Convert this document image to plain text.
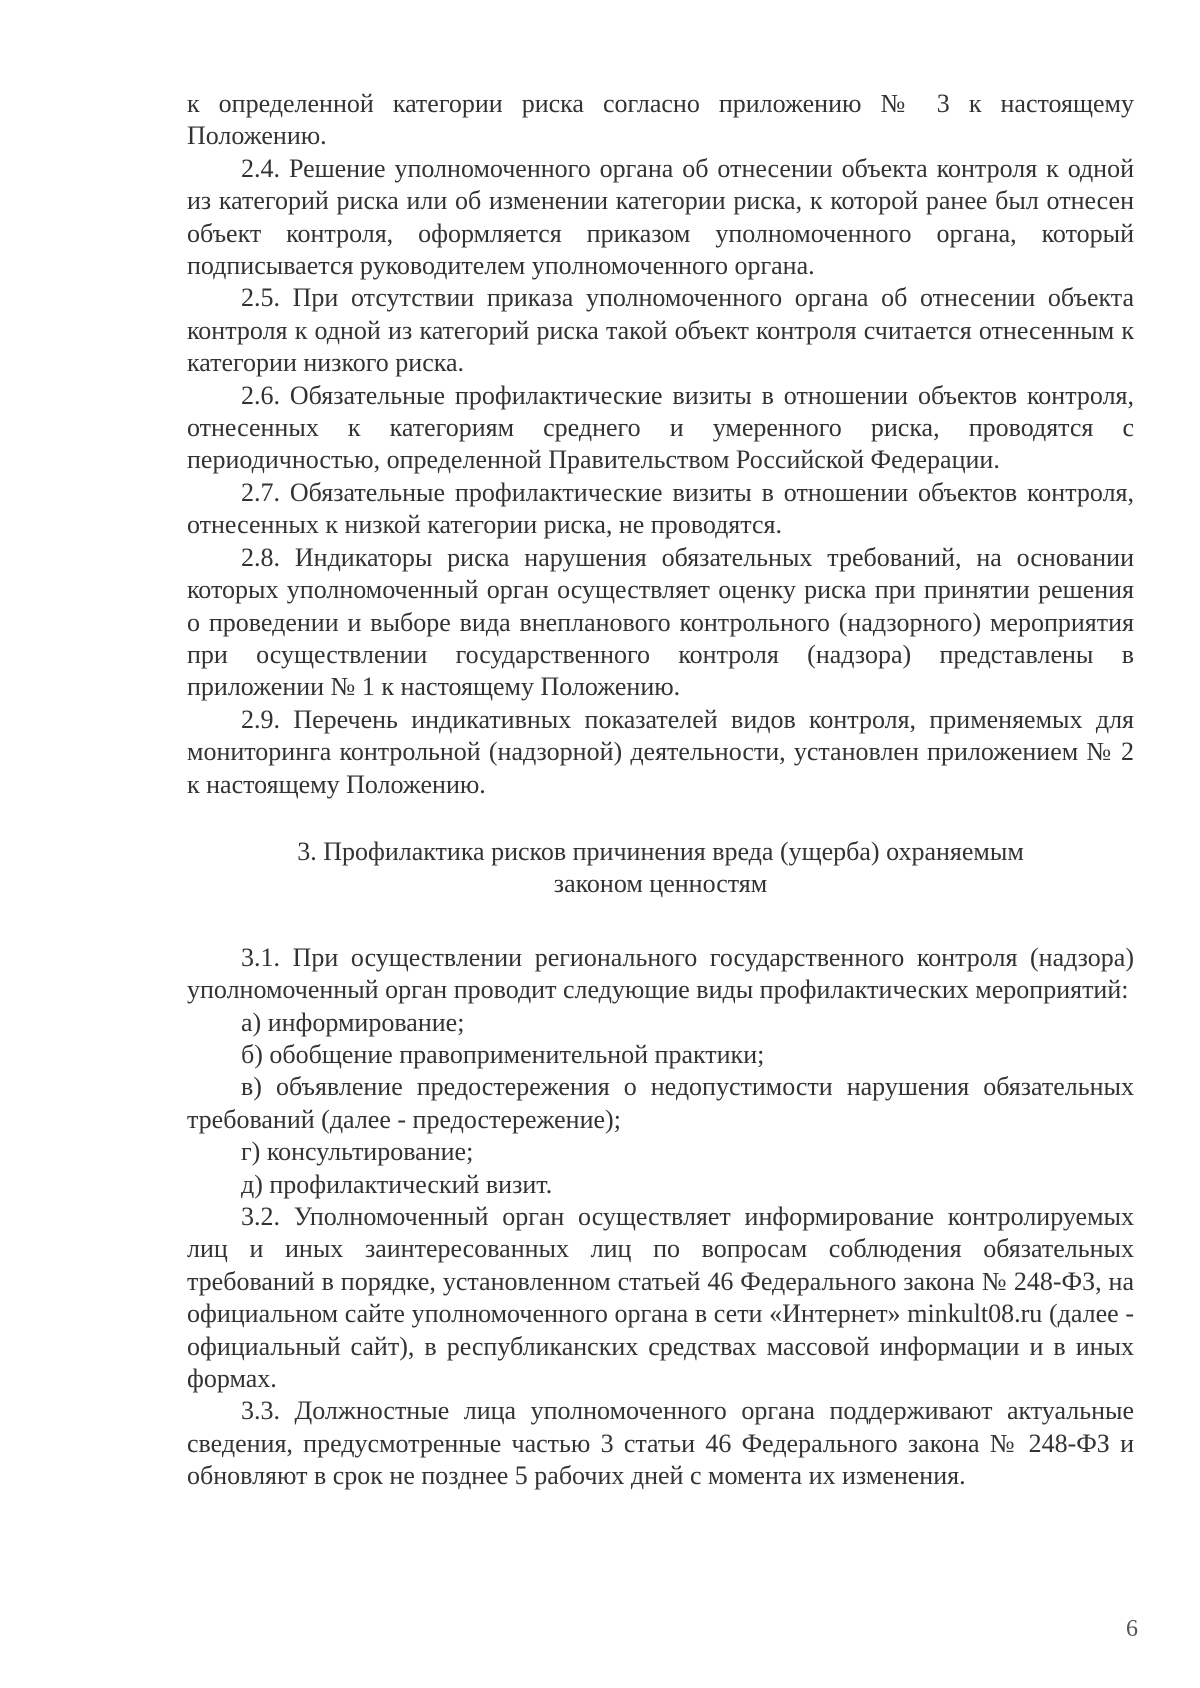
к определенной категории риска согласно приложению № 3 к настоящему Положению.

2.4. Решение уполномоченного органа об отнесении объекта контроля к одной из категорий риска или об изменении категории риска, к которой ранее был отнесен объект контроля, оформляется приказом уполномоченного органа, который подписывается руководителем уполномоченного органа.

2.5. При отсутствии приказа уполномоченного органа об отнесении объекта контроля к одной из категорий риска такой объект контроля считается отнесенным к категории низкого риска.

2.6. Обязательные профилактические визиты в отношении объектов контроля, отнесенных к категориям среднего и умеренного риска, проводятся с периодичностью, определенной Правительством Российской Федерации.

2.7. Обязательные профилактические визиты в отношении объектов контроля, отнесенных к низкой категории риска, не проводятся.

2.8. Индикаторы риска нарушения обязательных требований, на основании которых уполномоченный орган осуществляет оценку риска при принятии решения о проведении и выборе вида внепланового контрольного (надзорного) мероприятия при осуществлении государственного контроля (надзора) представлены в приложении № 1 к настоящему Положению.

2.9. Перечень индикативных показателей видов контроля, применяемых для мониторинга контрольной (надзорной) деятельности, установлен приложением № 2 к настоящему Положению.

3. Профилактика рисков причинения вреда (ущерба) охраняемым
законом ценностям

3.1. При осуществлении регионального государственного контроля (надзора) уполномоченный орган проводит следующие виды профилактических мероприятий:

а) информирование;

б) обобщение правоприменительной практики;

в) объявление предостережения о недопустимости нарушения обязательных требований (далее - предостережение);

г) консультирование;

д) профилактический визит.

3.2. Уполномоченный орган осуществляет информирование контролируемых лиц и иных заинтересованных лиц по вопросам соблюдения обязательных требований в порядке, установленном статьей 46 Федерального закона № 248-ФЗ, на официальном сайте уполномоченного органа в сети «Интернет» minkult08.ru (далее - официальный сайт), в республиканских средствах массовой информации и в иных формах.

3.3. Должностные лица уполномоченного органа поддерживают актуальные сведения, предусмотренные частью 3 статьи 46 Федерального закона № 248-ФЗ и обновляют в срок не позднее 5 рабочих дней с момента их изменения.

6
